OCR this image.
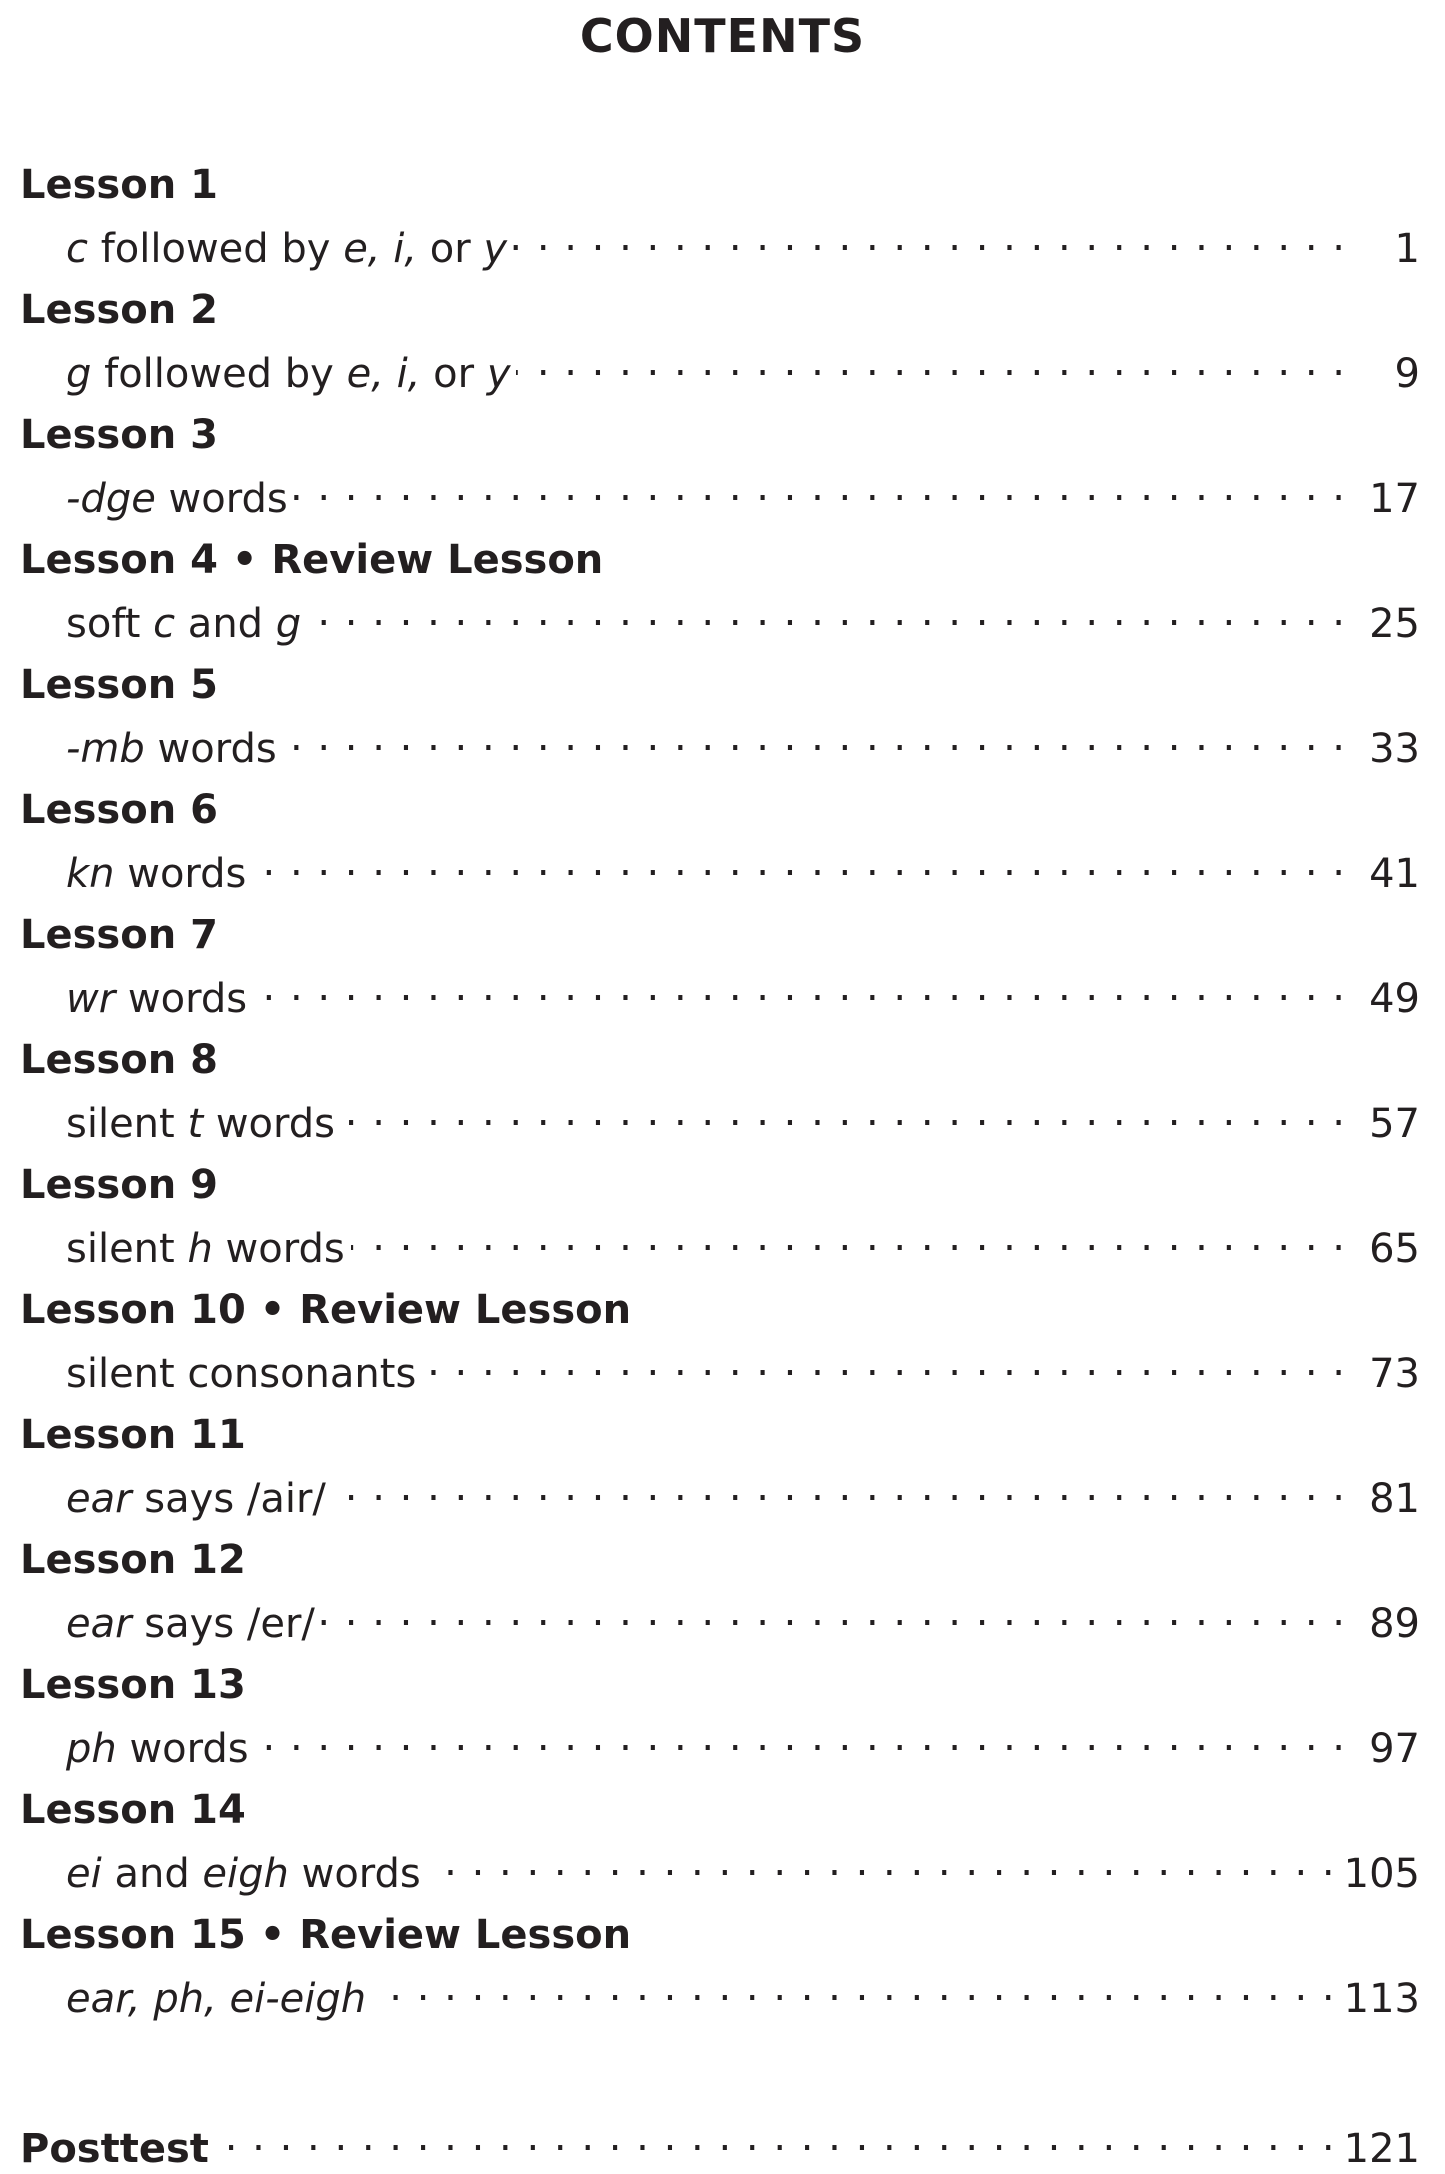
CONTENTS
Lesson 1
c followed by e, i, or y . . .	1
Lesson 2
g followed by e, i, or y . . .	9
Lesson 3
-dge words . . .	17
Lesson 4 • Review Lesson
soft c and g . . .	25
Lesson 5
-mb words . . .	33
Lesson 6
kn words . . .	41
Lesson 7
wr words . . .	49
Lesson 8
silent t words . . .	57
Lesson 9
silent h words . . .	65
Lesson 10 • Review Lesson
silent consonants . . .	73
Lesson 11
ear says /air/ . . .	81
Lesson 12
ear says /er/ . . .	89
Lesson 13
ph words . . .	97
Lesson 14
ei and eigh words . . .	105
Lesson 15 • Review Lesson
ear, ph, ei-eigh . . .	113
Posttest . . .	121
